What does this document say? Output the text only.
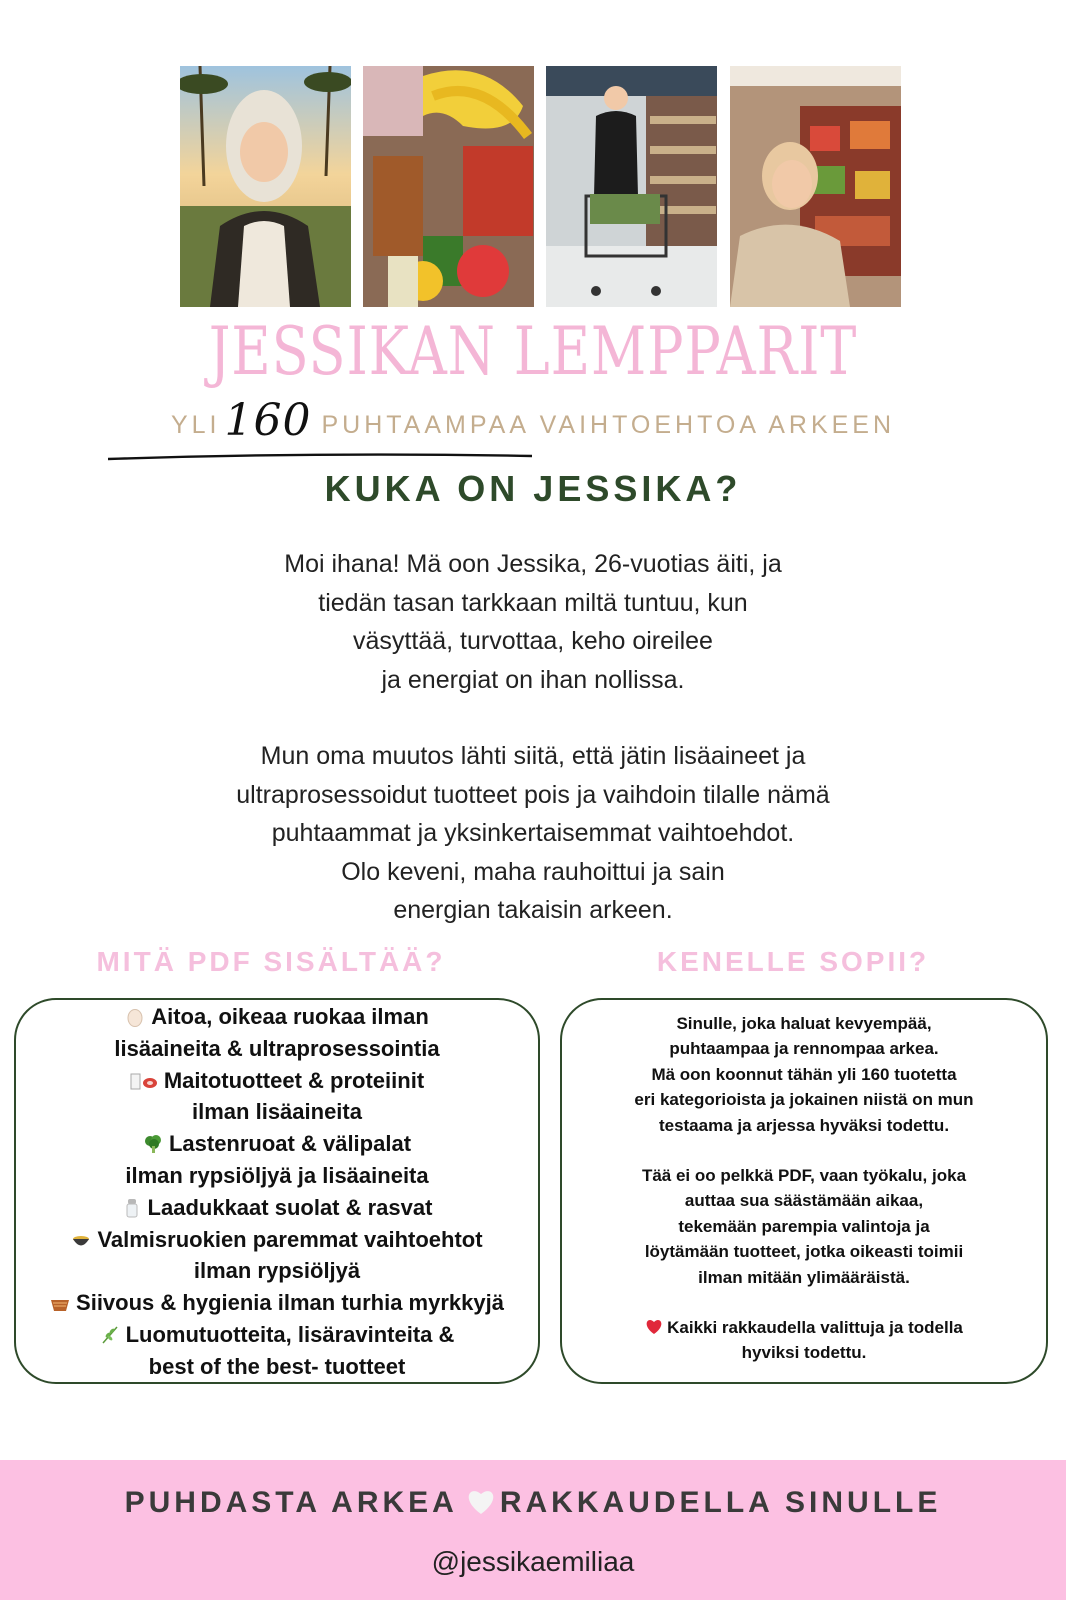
JESSIKAN LEMPPARIT
YLI160 PUHTAAMPAA VAIHTOEHTOA ARKEEN
KUKA ON JESSIKA?

Moi ihana! Mä oon Jessika, 26-vuotias äiti, ja

tiedän tasan tarkkaan miltä tuntuu, kun

väsyttää, turvottaa, keho oireilee

ja energiat on ihan nollissa.

Mun oma muutos lähti siitä, että jätin lisäaineet ja

ultraprosessoidut tuotteet pois ja vaihdoin tilalle nämä

puhtaammat ja yksinkertaisemmat vaihtoehdot.

Olo keveni, maha rauhoittui ja sain

energian takaisin arkeen.

MITÄ PDF SISÄLTÄÄ?	KENELLE SOPII?
Aitoa, oikeaa ruokaa ilman
lisäaineita & ultraprosessointia
Maitotuotteet & proteiinit
ilman lisäaineita
Lastenruoat & välipalat
ilman rypsiöljyä ja lisäaineita
Laadukkaat suolat & rasvat
Valmisruokien paremmat vaihtoehtot
ilman rypsiöljyä
Siivous & hygienia ilman turhia myrkkyjä
Luomutuotteita, lisäravinteita &
best of the best- tuotteet

Sinulle, joka haluat kevyempää,

puhtaampaa ja rennompaa arkea.

Mä oon koonnut tähän yli 160 tuotetta

eri kategorioista ja jokainen niistä on mun

testaama ja arjessa hyväksi todettu.

Tää ei oo pelkkä PDF, vaan työkalu, joka

auttaa sua säästämään aikaa,

tekemään parempia valintoja ja

löytämään tuotteet, jotka oikeasti toimii

ilman mitään ylimääräistä.

Kaikki rakkaudella valittuja ja todella

hyviksi todettu.

PUHDASTA ARKEA RAKKAUDELLA SINULLE
@jessikaemiliaa
